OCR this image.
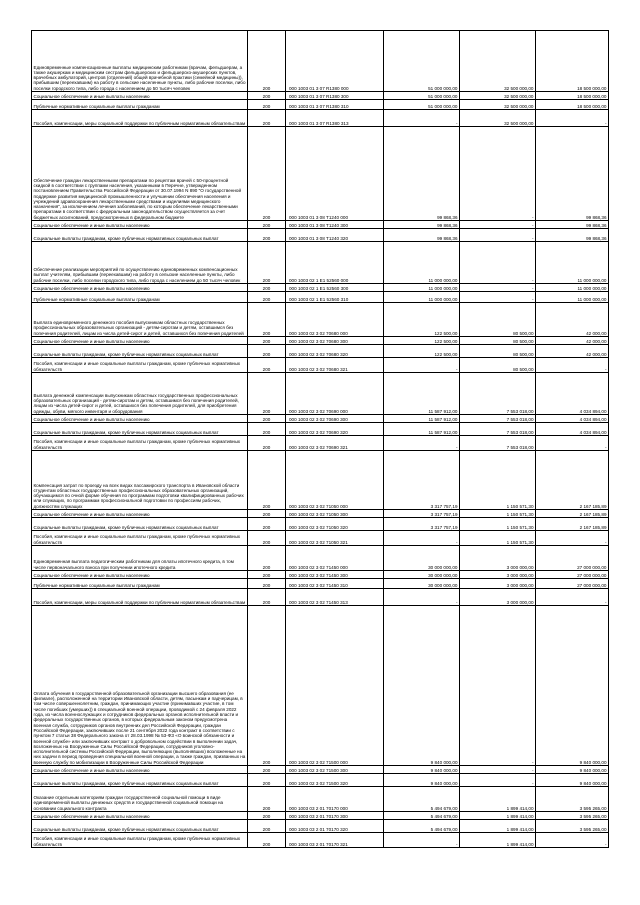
Единовременные компенсационные выплаты медицинским работникам (врачам, фельдшерам, а также акушеркам и медицинским сестрам фельдшерских и фельдшерско-акушерских пунктов, врачебных амбулаторий, центров (отделений) общей врачебной практики (семейной медицины)), прибывшим (переехавшим) на работу в сельские населенные пункты, либо рабочие поселки, либо поселки городского типа, либо города с населением до 50 тысяч человек	200	000 1003 01 3 07 R1380 000	51 000 000,00	32 500 000,00	18 500 000,00
Социальное обеспечение и иные выплаты населению	200	000 1003 01 3 07 R1380 300	51 000 000,00	32 500 000,00	18 500 000,00
Публичные нормативные социальные выплаты гражданам	200	000 1003 01 3 07 R1380 310	51 000 000,00	32 500 000,00	18 500 000,00
Пособия, компенсации, меры социальной поддержки по публичным нормативным обязательствам	200	000 1003 01 3 07 R1380 313	-	32 500 000,00	-
Обеспечение граждан лекарственными препаратами по рецептам врачей с 50-процентной скидкой в соответствии с группами населения, указанными в Перечне, утвержденном постановлением Правительства Российской Федерации от 30.07.1994 N 890 "О государственной поддержке развития медицинской промышленности и улучшении обеспечения населения и учреждений здравоохранения лекарственными средствами и изделиями медицинского назначения", за исключением лечения заболеваний, по которым обеспечение лекарственными препаратами в соответствии с федеральным законодательством осуществляется за счет бюджетных ассигнований, предусмотренных в федеральном бюджете	200	000 1003 01 3 08 Т1240 000	99 868,36	-	99 868,36
Социальное обеспечение и иные выплаты населению	200	000 1003 01 3 08 Т1240 300	99 868,36	-	99 868,36
Социальные выплаты гражданам, кроме публичных нормативных социальных выплат	200	000 1003 01 3 08 Т1240 320	99 868,36	-	99 868,36
Обеспечение реализации мероприятий по осуществлению единовременных компенсационных выплат учителям, прибывшим (переехавшим) на работу в сельские населенные пункты, либо рабочие поселки, либо поселки городского типа, либо города с населением до 50 тысяч человек	200	000 1003 02 1 Е1 52560 000	11 000 000,00	-	11 000 000,00
Социальное обеспечение и иные выплаты населению	200	000 1003 02 1 Е1 52560 300	11 000 000,00	-	11 000 000,00
Публичные нормативные социальные выплаты гражданам	200	000 1003 02 1 Е1 52560 310	11 000 000,00	-	11 000 000,00
Выплата единовременного денежного пособия выпускникам областных государственных профессиональных образовательных организаций - детям-сиротам и детям, оставшимся без попечения родителей, лицам из числа детей-сирот и детей, оставшихся без попечения родителей	200	000 1003 02 3 02 70680 000	122 500,00	80 500,00	42 000,00
Социальное обеспечение и иные выплаты населению	200	000 1003 02 3 02 70680 300	122 500,00	80 500,00	42 000,00
Социальные выплаты гражданам, кроме публичных нормативных социальных выплат	200	000 1003 02 3 02 70680 320	122 500,00	80 500,00	42 000,00
Пособия, компенсации и иные социальные выплаты гражданам, кроме публичных нормативных обязательств	200	000 1003 02 3 02 70680 321	-	80 500,00	-
Выплата денежной компенсации выпускникам областных государственных профессиональных образовательных организаций - детям-сиротам и детям, оставшимся без попечения родителей, лицам из числа детей-сирот и детей, оставшихся без попечения родителей, для приобретения одежды, обуви, мягкого инвентаря и оборудования	200	000 1003 02 3 02 70690 000	11 587 912,00	7 553 018,00	4 034 894,00
Социальное обеспечение и иные выплаты населению	200	000 1003 02 3 02 70690 300	11 587 912,00	7 553 018,00	4 034 894,00
Социальные выплаты гражданам, кроме публичных нормативных социальных выплат	200	000 1003 02 3 02 70690 320	11 587 912,00	7 553 018,00	4 034 894,00
Пособия, компенсации и иные социальные выплаты гражданам, кроме публичных нормативных обязательств	200	000 1003 02 3 02 70690 321	-	7 553 018,00	-
Компенсация затрат по проезду на всех видах пассажирского транспорта в Ивановской области студентам областных государственных профессиональных образовательных организаций, обучающимся по очной форме обучения по программам подготовки квалифицированных рабочих или служащих, по программам профессиональной подготовки по профессиям рабочих, должностям служащих	200	000 1003 02 3 02 71050 000	3 317 757,19	1 150 571,30	2 167 185,89
Социальное обеспечение и иные выплаты населению	200	000 1003 02 3 02 71050 300	3 317 757,19	1 150 571,30	2 167 185,89
Социальные выплаты гражданам, кроме публичных нормативных социальных выплат	200	000 1003 02 3 02 71050 320	3 317 757,19	1 150 571,30	2 167 185,89
Пособия, компенсации и иные социальные выплаты гражданам, кроме публичных нормативных обязательств	200	000 1003 02 3 02 71050 321	-	1 150 571,30	-
Единовременная выплата педагогическим работникам для оплаты ипотечного кредита, в том числе первоначального взноса при получении ипотечного кредита	200	000 1003 02 3 02 71450 000	30 000 000,00	3 000 000,00	27 000 000,00
Социальное обеспечение и иные выплаты населению	200	000 1003 02 3 02 71450 300	30 000 000,00	3 000 000,00	27 000 000,00
Публичные нормативные социальные выплаты гражданам	200	000 1003 02 3 02 71450 310	30 000 000,00	3 000 000,00	27 000 000,00
Пособия, компенсации, меры социальной поддержки по публичным нормативным обязательствам	200	000 1003 02 3 02 71450 313	-	3 000 000,00	-
Оплата обучения в государственной образовательной организации высшего образования (ее филиале), расположенной на территории Ивановской области, детям, пасынкам и падчерицам, в том числе совершеннолетним, граждан, принимающих участие (принимавших участие, в том числе погибших (умерших)) в специальной военной операции, проводимой с 24 февраля 2022 года, из числа военнослужащих и сотрудников федеральных органов исполнительной власти и федеральных государственных органов, в которых федеральным законом предусмотрена военная служба, сотрудников органов внутренних дел Российской Федерации, граждан Российской Федерации, заключивших после 21 сентября 2022 года контракт в соответствии с пунктом 7 статьи 38 Федерального закона от 28.03.1998 № 53-ФЗ «О воинской обязанности и военной службе» или заключивших контракт о добровольном содействии в выполнении задач, возложенных на Вооруженные Силы Российской Федерации, сотрудников уголовно-исполнительной системы Российской Федерации, выполняющих (выполнявших) возложенные на них задачи в период проведения специальной военной операции, а также граждан, призванных на военную службу по мобилизации в Вооруженные Силы Российской Федерации	200	000 1003 02 3 02 71500 000	9 840 000,00	-	9 840 000,00
Социальное обеспечение и иные выплаты населению	200	000 1003 02 3 02 71500 300	9 840 000,00	-	9 840 000,00
Социальные выплаты гражданам, кроме публичных нормативных социальных выплат	200	000 1003 02 3 02 71500 320	9 840 000,00	-	9 840 000,00
Оказание отдельным категориям граждан государственной социальной помощи в виде единовременной выплаты денежных средств и государственной социальной помощи на основании социального контракта	200	000 1003 03 2 01 70170 000	5 494 679,00	1 899 414,00	3 595 265,00
Социальное обеспечение и иные выплаты населению	200	000 1003 03 2 01 70170 300	5 494 679,00	1 899 414,00	3 595 265,00
Социальные выплаты гражданам, кроме публичных нормативных социальных выплат	200	000 1003 03 2 01 70170 320	5 494 679,00	1 899 414,00	3 595 265,00
Пособия, компенсации и иные социальные выплаты гражданам, кроме публичных нормативных обязательств	200	000 1003 03 2 01 70170 321	-	1 899 414,00	-
